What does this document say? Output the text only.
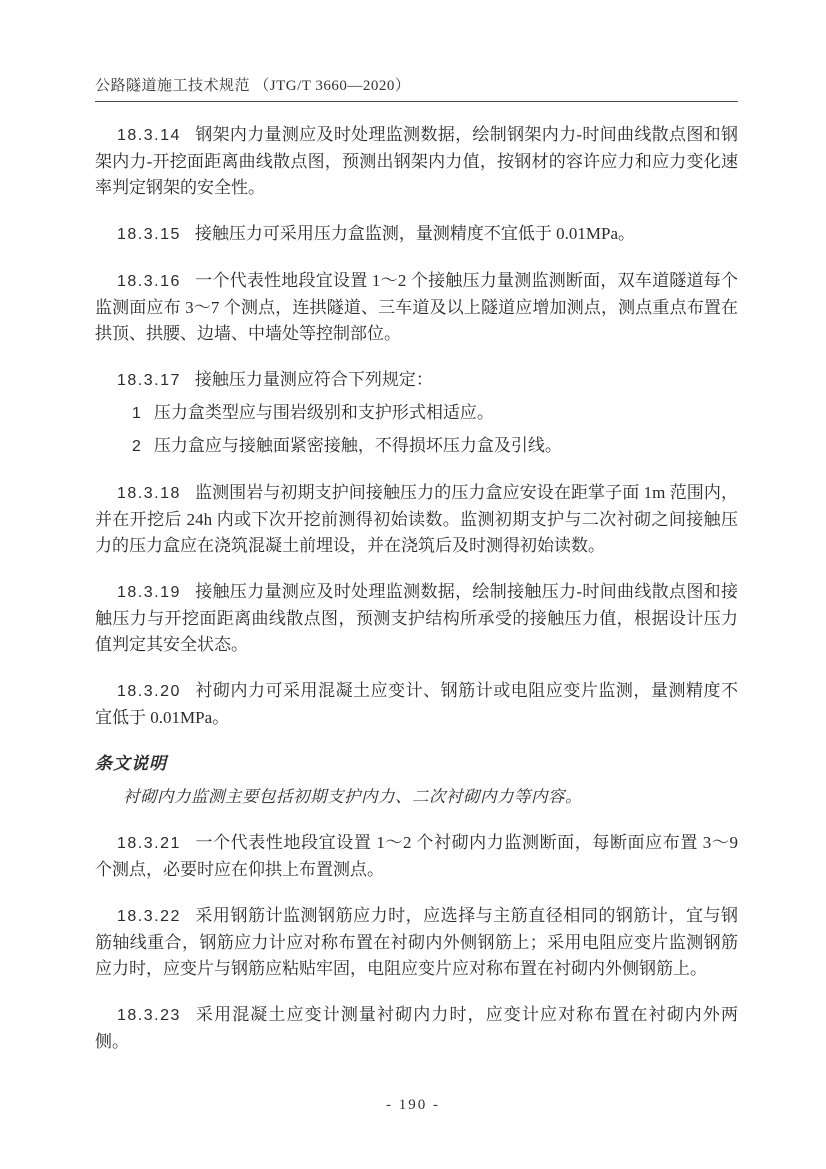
公路隧道施工技术规范 （JTG/T 3660—2020）

18.3.14 钢架内力量测应及时处理监测数据，绘制钢架内力-时间曲线散点图和钢架内力-开挖面距离曲线散点图，预测出钢架内力值，按钢材的容许应力和应力变化速率判定钢架的安全性。

18.3.15 接触压力可采用压力盒监测，量测精度不宜低于 0.01MPa。

18.3.16 一个代表性地段宜设置 1～2 个接触压力量测监测断面，双车道隧道每个监测面应布 3～7 个测点，连拱隧道、三车道及以上隧道应增加测点，测点重点布置在拱顶、拱腰、边墙、中墙处等控制部位。

18.3.17 接触压力量测应符合下列规定：

1 压力盒类型应与围岩级别和支护形式相适应。

2 压力盒应与接触面紧密接触，不得损坏压力盒及引线。

18.3.18 监测围岩与初期支护间接触压力的压力盒应安设在距掌子面 1m 范围内，并在开挖后 24h 内或下次开挖前测得初始读数。监测初期支护与二次衬砌之间接触压力的压力盒应在浇筑混凝土前埋设，并在浇筑后及时测得初始读数。

18.3.19 接触压力量测应及时处理监测数据，绘制接触压力-时间曲线散点图和接触压力与开挖面距离曲线散点图，预测支护结构所承受的接触压力值，根据设计压力值判定其安全状态。

18.3.20 衬砌内力可采用混凝土应变计、钢筋计或电阻应变片监测，量测精度不宜低于 0.01MPa。

条文说明

衬砌内力监测主要包括初期支护内力、二次衬砌内力等内容。

18.3.21 一个代表性地段宜设置 1～2 个衬砌内力监测断面，每断面应布置 3～9 个测点，必要时应在仰拱上布置测点。

18.3.22 采用钢筋计监测钢筋应力时，应选择与主筋直径相同的钢筋计，宜与钢筋轴线重合，钢筋应力计应对称布置在衬砌内外侧钢筋上；采用电阻应变片监测钢筋应力时，应变片与钢筋应粘贴牢固，电阻应变片应对称布置在衬砌内外侧钢筋上。

18.3.23 采用混凝土应变计测量衬砌内力时，应变计应对称布置在衬砌内外两侧。

- 190 -
